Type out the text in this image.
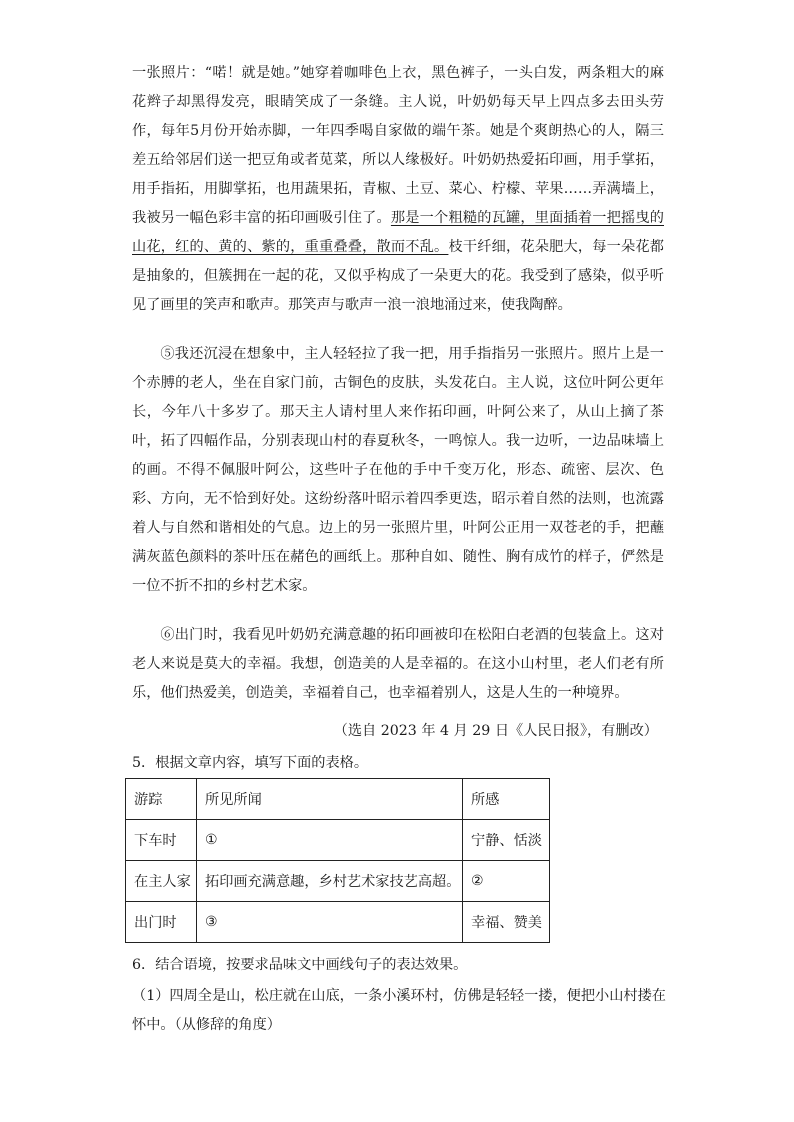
一张照片：“喏！就是她。”她穿着咖啡色上衣，黑色裤子，一头白发，两条粗大的麻花辫子却黑得发亮，眼睛笑成了一条缝。主人说，叶奶奶每天早上四点多去田头劳作，每年5月份开始赤脚，一年四季喝自家做的端午茶。她是个爽朗热心的人，隔三差五给邻居们送一把豆角或者苋菜，所以人缘极好。叶奶奶热爱拓印画，用手掌拓，用手指拓，用脚掌拓，也用蔬果拓，青椒、土豆、菜心、柠檬、苹果……弄满墙上，我被另一幅色彩丰富的拓印画吸引住了。那是一个粗糙的瓦罐，里面插着一把摇曳的山花，红的、黄的、紫的，重重叠叠，散而不乱。枝干纤细，花朵肥大，每一朵花都是抽象的，但簇拥在一起的花，又似乎构成了一朵更大的花。我受到了感染，似乎听见了画里的笑声和歌声。那笑声与歌声一浪一浪地涌过来，使我陶醉。

⑤我还沉浸在想象中，主人轻轻拉了我一把，用手指指另一张照片。照片上是一个赤膊的老人，坐在自家门前，古铜色的皮肤，头发花白。主人说，这位叶阿公更年长，今年八十多岁了。那天主人请村里人来作拓印画，叶阿公来了，从山上摘了茶叶，拓了四幅作品，分别表现山村的春夏秋冬，一鸣惊人。我一边听，一边品味墙上的画。不得不佩服叶阿公，这些叶子在他的手中千变万化，形态、疏密、层次、色彩、方向，无不恰到好处。这纷纷落叶昭示着四季更迭，昭示着自然的法则，也流露着人与自然和谐相处的气息。边上的另一张照片里，叶阿公正用一双苍老的手，把蘸满灰蓝色颜料的茶叶压在赭色的画纸上。那种自如、随性、胸有成竹的样子，俨然是一位不折不扣的乡村艺术家。

⑥出门时，我看见叶奶奶充满意趣的拓印画被印在松阳白老酒的包装盒上。这对老人来说是莫大的幸福。我想，创造美的人是幸福的。在这小山村里，老人们老有所乐，他们热爱美，创造美，幸福着自己，也幸福着别人，这是人生的一种境界。

（选自 2023 年 4 月 29 日《人民日报》，有删改）

5．根据文章内容，填写下面的表格。

游踪	所见所闻	所感
下车时	①	宁静、恬淡
在主人家	拓印画充满意趣，乡村艺术家技艺高超。	②
出门时	③	幸福、赞美

6．结合语境，按要求品味文中画线句子的表达效果。

（1）四周全是山，松庄就在山底，一条小溪环村，仿佛是轻轻一搂，便把小山村搂在怀中。（从修辞的角度）
